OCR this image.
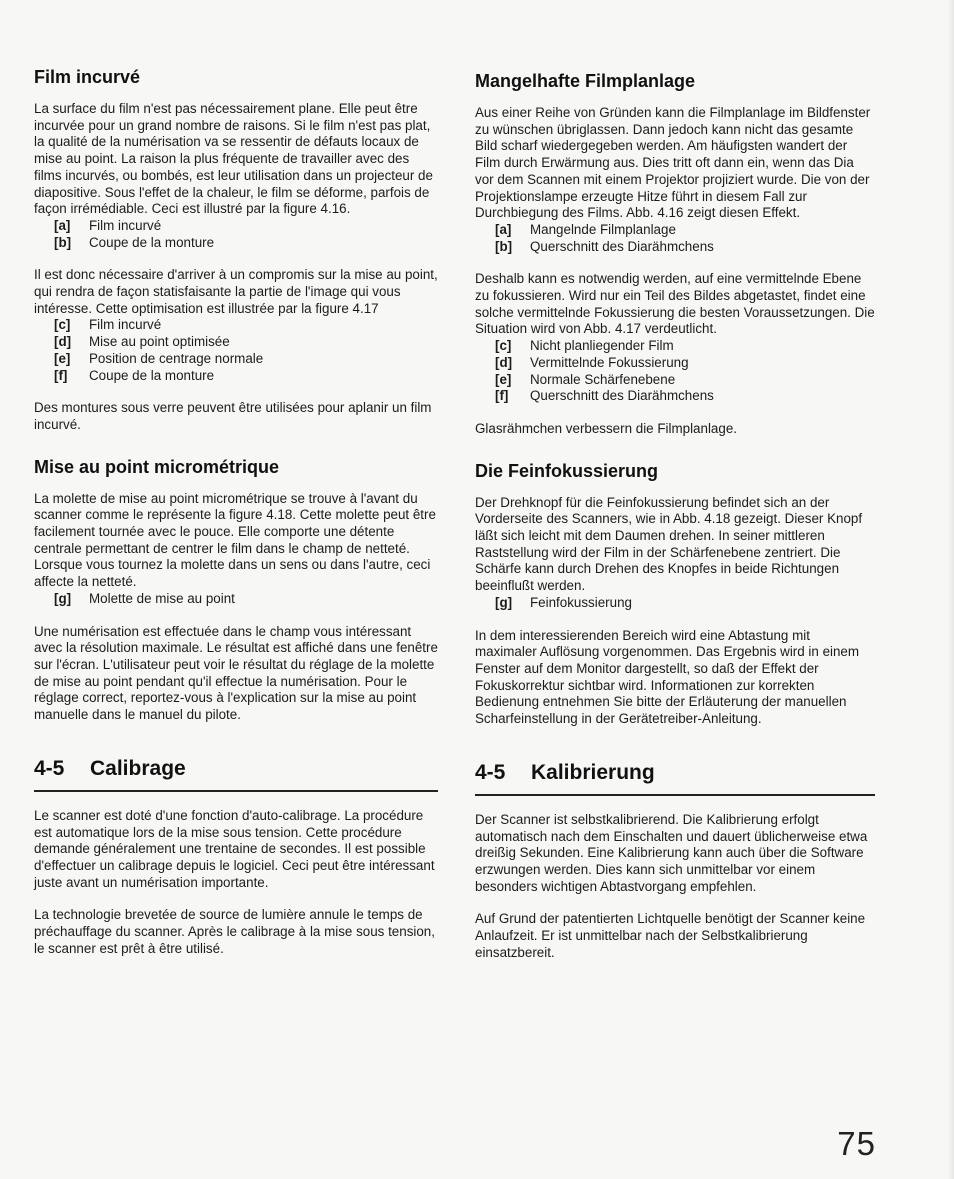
Film incurvé

La surface du film n'est pas nécessairement plane. Elle peut être incurvée pour un grand nombre de raisons. Si le film n'est pas plat, la qualité de la numérisation va se ressentir de défauts locaux de mise au point. La raison la plus fréquente de travailler avec des films incurvés, ou bombés, est leur utilisation dans un projecteur de diapositive. Sous l'effet de la chaleur, le film se déforme, parfois de façon irrémédiable. Ceci est illustré par la figure 4.16.

[a]	Film incurvé
[b]	Coupe de la monture

Il est donc nécessaire d'arriver à un compromis sur la mise au point, qui rendra de façon statisfaisante la partie de l'image qui vous intéresse. Cette optimisation est illustrée par la figure 4.17

[c]	Film incurvé
[d]	Mise au point optimisée
[e]	Position de centrage normale
[f]	Coupe de la monture

Des montures sous verre peuvent être utilisées pour aplanir un film incurvé.

Mise au point micrométrique

La molette de mise au point micrométrique se trouve à l'avant du scanner comme le représente la figure 4.18. Cette molette peut être facilement tournée avec le pouce. Elle comporte une détente centrale permettant de centrer le film dans le champ de netteté. Lorsque vous tournez la molette dans un sens ou dans l'autre, ceci affecte la netteté.

[g]	Molette de mise au point

Une numérisation est effectuée dans le champ vous intéressant avec la résolution maximale. Le résultat est affiché dans une fenêtre sur l'écran. L'utilisateur peut voir le résultat du réglage de la molette de mise au point pendant qu'il effectue la numérisation. Pour le réglage correct, reportez-vous à l'explication sur la mise au point manuelle dans le manuel du pilote.

4-5 Calibrage

Le scanner est doté d'une fonction d'auto-calibrage. La procédure est automatique lors de la mise sous tension. Cette procédure demande généralement une trentaine de secondes. Il est possible d'effectuer un calibrage depuis le logiciel. Ceci peut être intéressant juste avant un numérisation importante.

La technologie brevetée de source de lumière annule le temps de préchauffage du scanner. Après le calibrage à la mise sous tension, le scanner est prêt à être utilisé.

Mangelhafte Filmplanlage

Aus einer Reihe von Gründen kann die Filmplanlage im Bildfenster zu wünschen übriglassen. Dann jedoch kann nicht das gesamte Bild scharf wiedergegeben werden. Am häufigsten wandert der Film durch Erwärmung aus. Dies tritt oft dann ein, wenn das Dia vor dem Scannen mit einem Projektor projiziert wurde. Die von der Projektionslampe erzeugte Hitze führt in diesem Fall zur Durchbiegung des Films. Abb. 4.16 zeigt diesen Effekt.

[a]	Mangelnde Filmplanlage
[b]	Querschnitt des Diarähmchens

Deshalb kann es notwendig werden, auf eine vermittelnde Ebene zu fokussieren. Wird nur ein Teil des Bildes abgetastet, findet eine solche vermittelnde Fokussierung die besten Voraussetzungen. Die Situation wird von Abb. 4.17 verdeutlicht.

[c]	Nicht planliegender Film
[d]	Vermittelnde Fokussierung
[e]	Normale Schärfenebene
[f]	Querschnitt des Diarähmchens

Glasrähmchen verbessern die Filmplanlage.

Die Feinfokussierung

Der Drehknopf für die Feinfokussierung befindet sich an der Vorderseite des Scanners, wie in Abb. 4.18 gezeigt. Dieser Knopf läßt sich leicht mit dem Daumen drehen. In seiner mittleren Raststellung wird der Film in der Schärfenebene zentriert. Die Schärfe kann durch Drehen des Knopfes in beide Richtungen beeinflußt werden.

[g]	Feinfokussierung

In dem interessierenden Bereich wird eine Abtastung mit maximaler Auflösung vorgenommen. Das Ergebnis wird in einem Fenster auf dem Monitor dargestellt, so daß der Effekt der Fokuskorrektur sichtbar wird. Informationen zur korrekten Bedienung entnehmen Sie bitte der Erläuterung der manuellen Scharfeinstellung in der Gerätetreiber-Anleitung.

4-5 Kalibrierung

Der Scanner ist selbstkalibrierend. Die Kalibrierung erfolgt automatisch nach dem Einschalten und dauert üblicherweise etwa dreißig Sekunden. Eine Kalibrierung kann auch über die Software erzwungen werden. Dies kann sich unmittelbar vor einem besonders wichtigen Abtastvorgang empfehlen.

Auf Grund der patentierten Lichtquelle benötigt der Scanner keine Anlaufzeit. Er ist unmittelbar nach der Selbstkalibrierung einsatzbereit.

75
